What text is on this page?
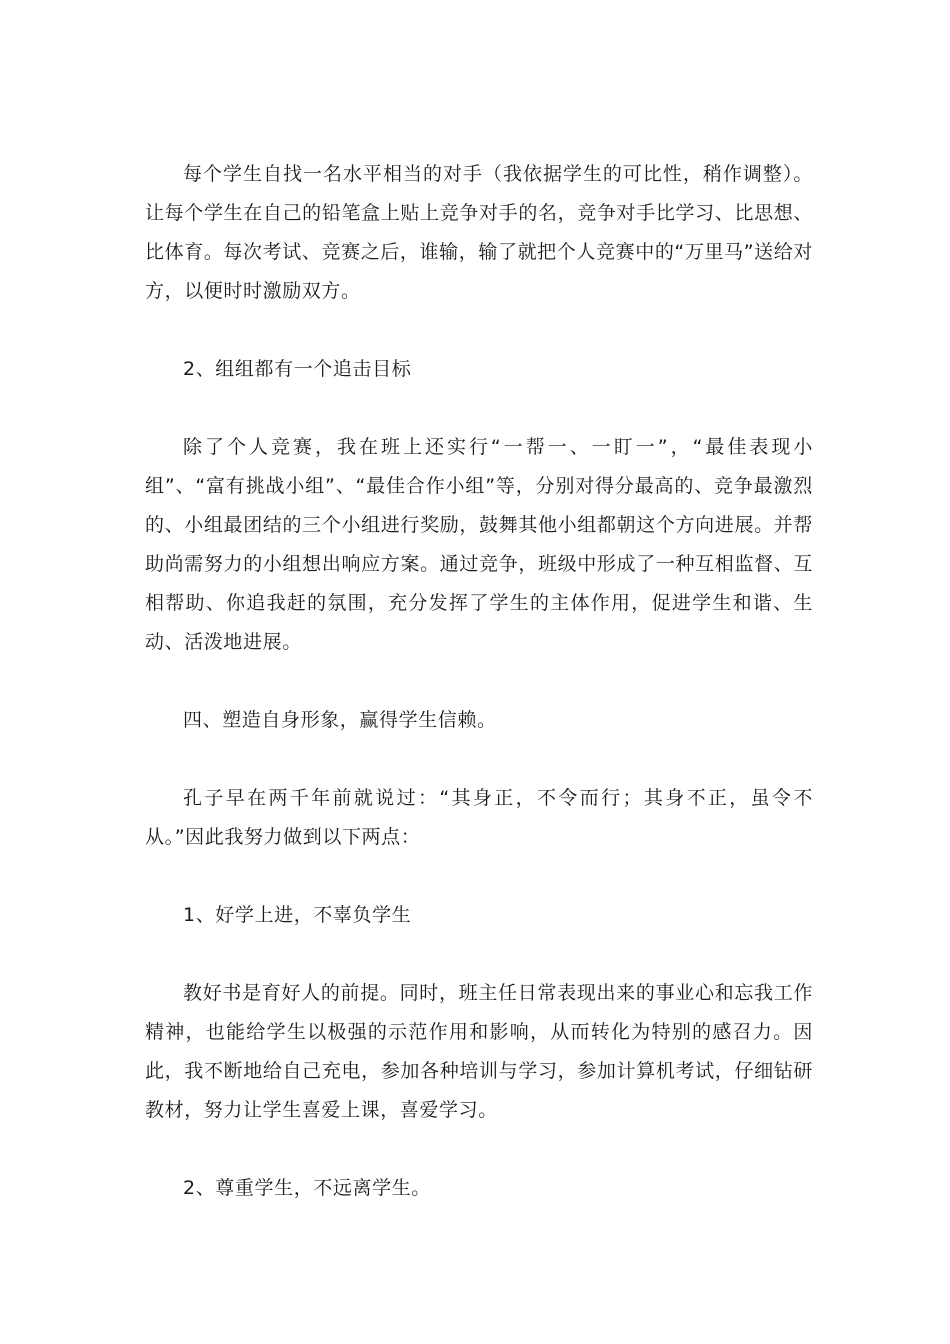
每个学生自找一名水平相当的对手（我依据学生的可比性，稍作调整）。让每个学生在自己的铅笔盒上贴上竞争对手的名，竞争对手比学习、比思想、比体育。每次考试、竞赛之后，谁输，输了就把个人竞赛中的“万里马”送给对方，以便时时激励双方。

2、组组都有一个追击目标

除了个人竞赛，我在班上还实行“一帮一、一盯一”，“最佳表现小组”、“富有挑战小组”、“最佳合作小组”等，分别对得分最高的、竞争最激烈的、小组最团结的三个小组进行奖励，鼓舞其他小组都朝这个方向进展。并帮助尚需努力的小组想出响应方案。通过竞争，班级中形成了一种互相监督、互相帮助、你追我赶的氛围，充分发挥了学生的主体作用，促进学生和谐、生动、活泼地进展。

四、塑造自身形象，赢得学生信赖。

孔子早在两千年前就说过：“其身正，不令而行；其身不正，虽令不从。”因此我努力做到以下两点：

1、好学上进，不辜负学生

教好书是育好人的前提。同时，班主任日常表现出来的事业心和忘我工作精神，也能给学生以极强的示范作用和影响，从而转化为特别的感召力。因此，我不断地给自己充电，参加各种培训与学习，参加计算机考试，仔细钻研教材，努力让学生喜爱上课，喜爱学习。

2、尊重学生，不远离学生。
